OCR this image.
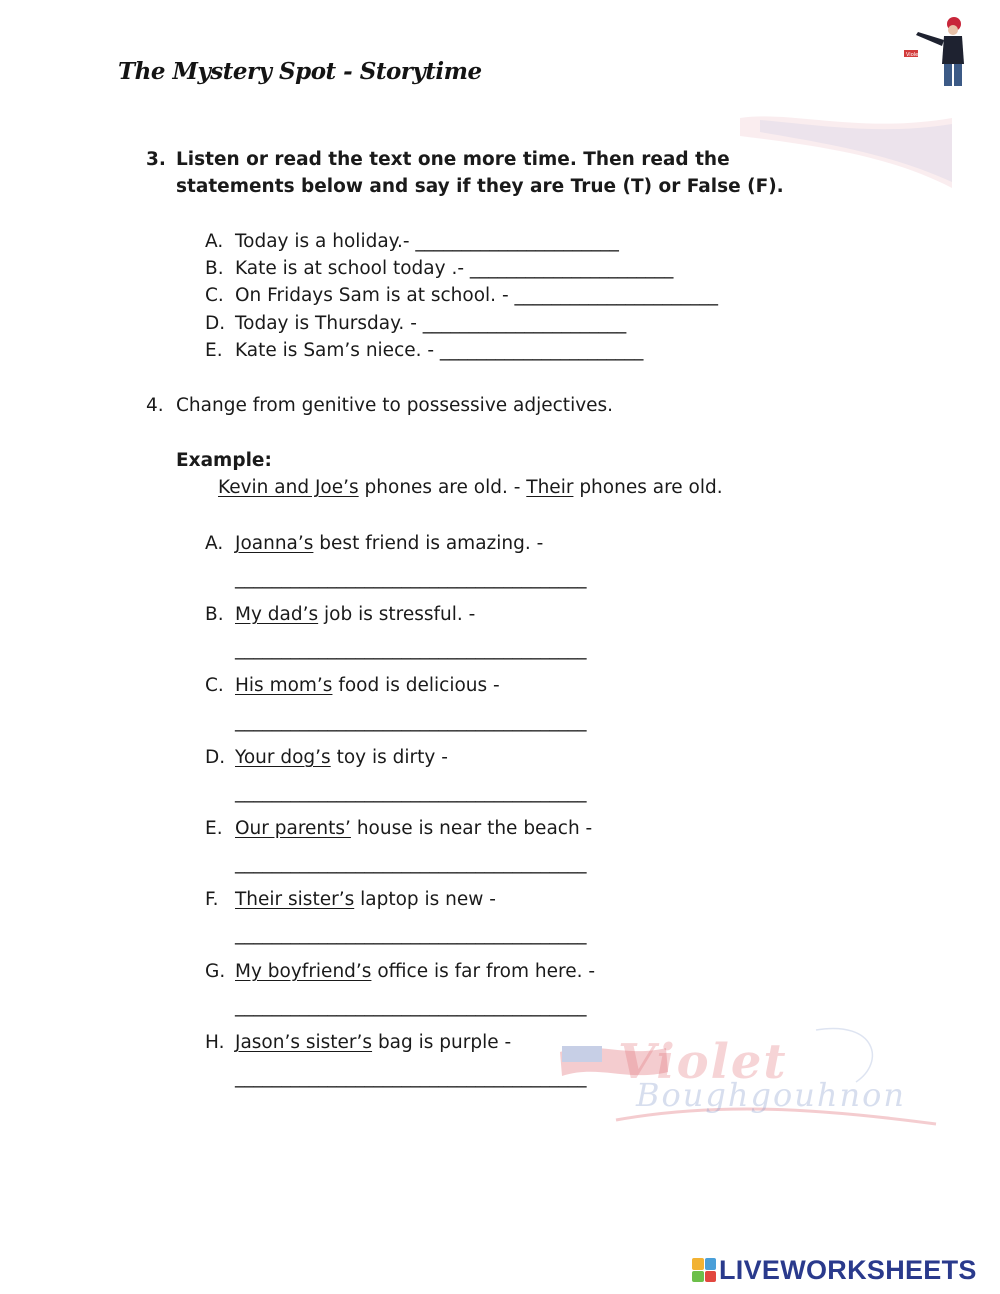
The Mystery Spot - Storytime
Violet
Violet
Boughgouhnon
3. Listen or read the text one more time. Then read the
statements below and say if they are True (T) or False (F).
A. Today is a holiday.- ______________________
B. Kate is at school today .- ______________________
C. On Fridays Sam is at school. - ______________________
D. Today is Thursday. - ______________________
E. Kate is Sam’s niece. - ______________________
4. Change from genitive to possessive adjectives.
Example:
Kevin and Joe’s phones are old. - Their phones are old.
A. Joanna’s best friend is amazing. -
______________________________________
B. My dad’s job is stressful. -
______________________________________
C. His mom’s food is delicious -
______________________________________
D. Your dog’s toy is dirty -
______________________________________
E. Our parents’ house is near the beach -
______________________________________
F. Their sister’s laptop is new -
______________________________________
G. My boyfriend’s office is far from here. -
______________________________________
H. Jason’s sister’s bag is purple -
______________________________________
LIVEWORKSHEETS
